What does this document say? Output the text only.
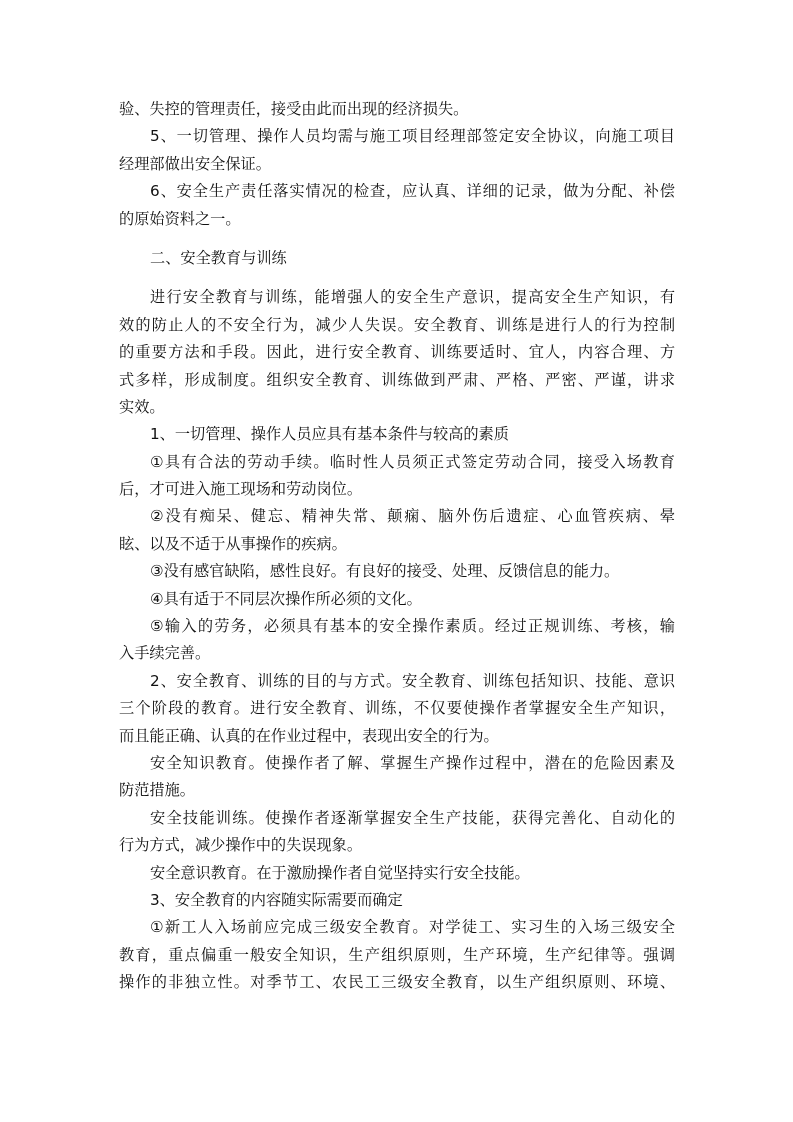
验、失控的管理责任，接受由此而出现的经济损失。
5、一切管理、操作人员均需与施工项目经理部签定安全协议，向施工项目
经理部做出安全保证。
6、安全生产责任落实情况的检查，应认真、详细的记录，做为分配、补偿
的原始资料之一。
二、安全教育与训练
进行安全教育与训练，能增强人的安全生产意识，提高安全生产知识，有
效的防止人的不安全行为，减少人失误。安全教育、训练是进行人的行为控制
的重要方法和手段。因此，进行安全教育、训练要适时、宜人，内容合理、方
式多样，形成制度。组织安全教育、训练做到严肃、严格、严密、严谨，讲求
实效。
1、一切管理、操作人员应具有基本条件与较高的素质
①具有合法的劳动手续。临时性人员须正式签定劳动合同，接受入场教育
后，才可进入施工现场和劳动岗位。
②没有痴呆、健忘、精神失常、颠痫、脑外伤后遗症、心血管疾病、晕
眩、以及不适于从事操作的疾病。
③没有感官缺陷，感性良好。有良好的接受、处理、反馈信息的能力。
④具有适于不同层次操作所必须的文化。
⑤输入的劳务，必须具有基本的安全操作素质。经过正规训练、考核，输
入手续完善。
2、安全教育、训练的目的与方式。安全教育、训练包括知识、技能、意识
三个阶段的教育。进行安全教育、训练，不仅要使操作者掌握安全生产知识，
而且能正确、认真的在作业过程中，表现出安全的行为。
安全知识教育。使操作者了解、掌握生产操作过程中，潜在的危险因素及
防范措施。
安全技能训练。使操作者逐渐掌握安全生产技能，获得完善化、自动化的
行为方式，减少操作中的失误现象。
安全意识教育。在于激励操作者自觉坚持实行安全技能。
3、安全教育的内容随实际需要而确定
①新工人入场前应完成三级安全教育。对学徒工、实习生的入场三级安全
教育，重点偏重一般安全知识，生产组织原则，生产环境，生产纪律等。强调
操作的非独立性。对季节工、农民工三级安全教育，以生产组织原则、环境、
